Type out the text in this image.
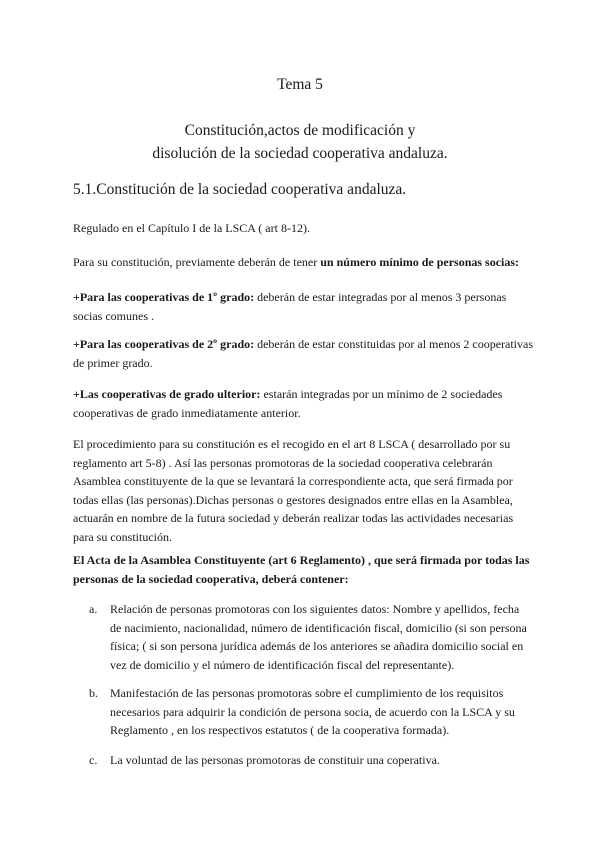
Tema 5
Constitución,actos de modificación y
disolución de la sociedad cooperativa andaluza.
5.1.Constitución de la sociedad cooperativa andaluza.

Regulado en el Capítulo I de la LSCA ( art 8-12).

Para su constitución, previamente deberán de tener un número mínimo de personas socias:

+Para las cooperativas de 1º grado: deberán de estar integradas por al menos 3 personas socias comunes .

+Para las cooperativas de 2º grado: deberán de estar constituidas por al menos 2 cooperativas de primer grado.

+Las cooperativas de grado ulterior: estarán integradas por un mínimo de 2 sociedades cooperativas de grado inmediatamente anterior.

El procedimiento para su constitución es el recogido en el art 8 LSCA ( desarrollado por su reglamento art 5-8) . Así las personas promotoras de la sociedad cooperativa celebrarán Asamblea constituyente de la que se levantará la correspondiente acta, que será firmada por todas ellas (las personas).Dichas personas o gestores designados entre ellas en la Asamblea, actuarán en nombre de la futura sociedad y deberán realizar todas las actividades necesarias para su constitución.

El Acta de la Asamblea Constituyente (art 6 Reglamento) , que será firmada por todas las personas de la sociedad cooperativa, deberá contener:

a. Relación de personas promotoras con los siguientes datos: Nombre y apellidos, fecha de nacimiento, nacionalidad, número de identificación fiscal, domicilio (si son persona física; ( si son persona jurídica además de los anteriores se añadira domicilio social en vez de domicilio y el número de identificación fiscal del representante).
b. Manifestación de las personas promotoras sobre el cumplimiento de los requisitos necesarios para adquirir la condición de persona socia, de acuerdo con la LSCA y su Reglamento , en los respectivos estatutos ( de la cooperativa formada).
c. La voluntad de las personas promotoras de constituir una coperativa.
